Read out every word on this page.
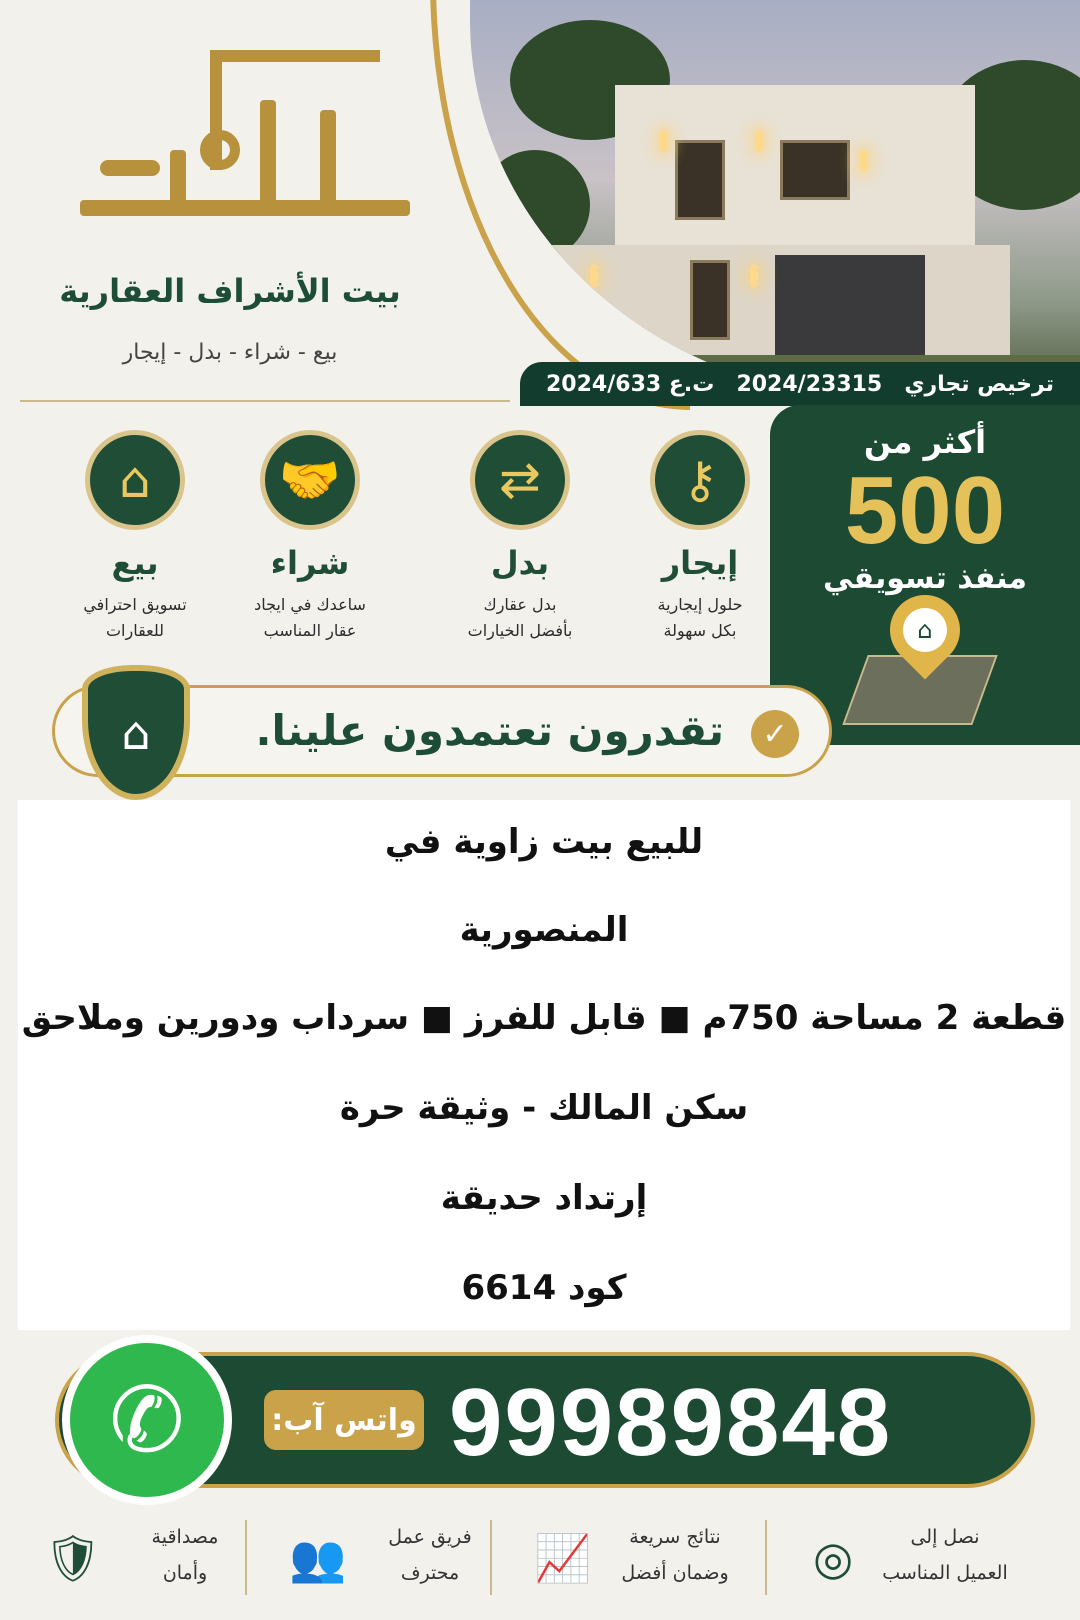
ترخيص تجاري
2024/23315
ت.ع 2024/633
بيت الأشراف العقارية
بيع - شراء - بدل - إيجار
⚷
إيجار
حلول إيجارية
بكل سهولة
⇄
بدل
بدل عقارك
بأفضل الخيارات
🤝
شراء
ساعدك في ايجاد
عقار المناسب
⌂
بيع
تسويق احترافي
للعقارات
أكثر من
500
منفذ تسويقي
⌂
✓
تقدرون تعتمدون علينا.
⌂
للبيع بيت زاوية في
المنصورية
قطعة 2 مساحة 750م ■ قابل للفرز ■ سرداب ودورين وملاحق
سكن المالك - وثيقة حرة
إرتداد حديقة
كود 6614
واتس آب: 99989848
✆
◎	نصل إلى
العميل المناسب
📈	نتائج سريعة
وضمان أفضل
👥	فريق عمل
محترف
🛡	مصداقية
وأمان
